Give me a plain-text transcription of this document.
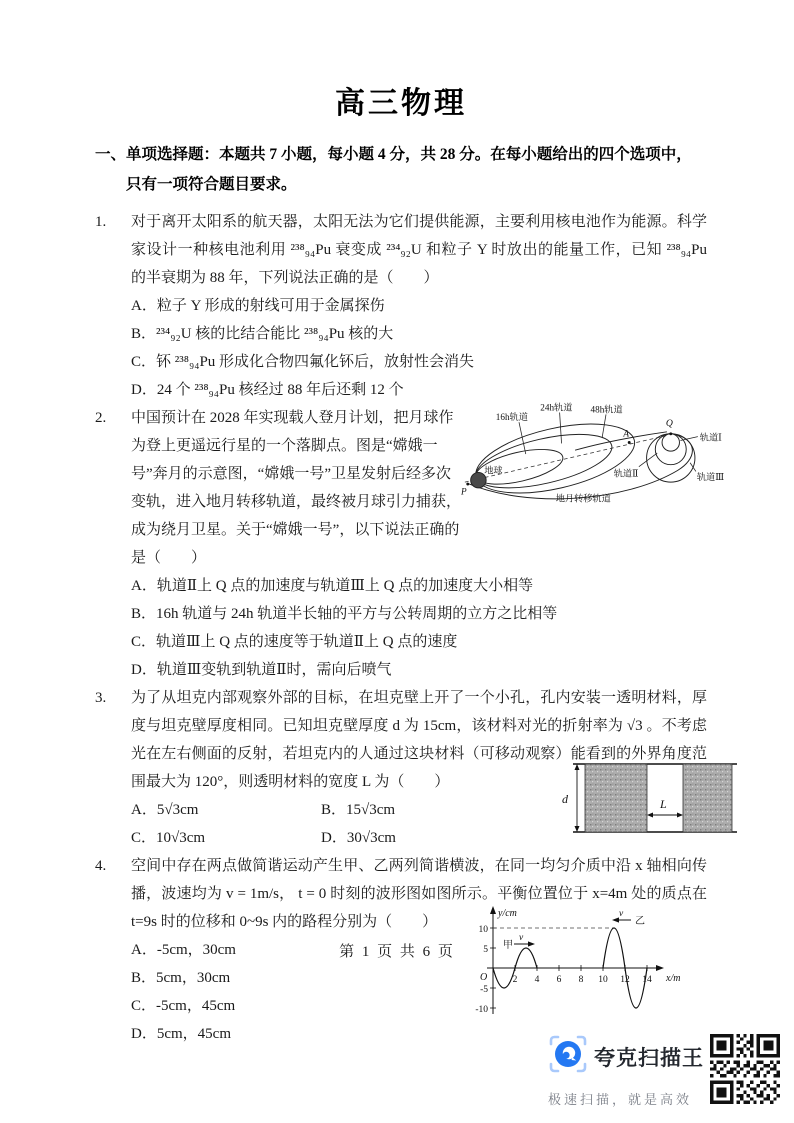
高三物理

一、单项选择题：本题共 7 小题，每小题 4 分，共 28 分。在每小题给出的四个选项中，只有一项符合题目要求。

1.	对于离开太阳系的航天器，太阳无法为它们提供能源，主要利用核电池作为能源。科学家设计一种核电池利用 ²³⁸₉₄Pu 衰变成 ²³⁴₉₂U 和粒子 Y 时放出的能量工作，已知 ²³⁸₉₄Pu 的半衰期为 88 年，下列说法正确的是（　　）

A．粒子 Y 形成的射线可用于金属探伤
B．²³⁴₉₂U 核的比结合能比 ²³⁸₉₄Pu 核的大
C．钚 ²³⁸₉₄Pu 形成化合物四氟化钚后，放射性会消失
D．24 个 ²³⁸₉₄Pu 核经过 88 年后还剩 12 个
2.	中国预计在 2028 年实现载人登月计划，把月球作为登上更遥远行星的一个落脚点。图是“嫦娥一号”奔月的示意图，“嫦娥一号”卫星发射后经多次变轨，进入地月转移轨道，最终被月球引力捕获，成为绕月卫星。关于“嫦娥一号”，以下说法正确的是（　　）

地球
P
16h轨道
24h轨道 48h轨道
A
Q
轨道Ⅰ
轨道Ⅱ	轨道Ⅲ
地月转移轨道
A．轨道Ⅱ上 Q 点的加速度与轨道Ⅲ上 Q 点的加速度大小相等
B．16h 轨道与 24h 轨道半长轴的平方与公转周期的立方之比相等
C．轨道Ⅲ上 Q 点的速度等于轨道Ⅱ上 Q 点的速度
D．轨道Ⅲ变轨到轨道Ⅱ时，需向后喷气
3.	为了从坦克内部观察外部的目标，在坦克壁上开了一个小孔，孔内安装一透明材料，厚度与坦克壁厚度相同。已知坦克壁厚度 d 为 15cm，该材料对光的折射率为 √3 。不考虑光在左右侧面的反射，若坦克内的人通过这块材料（可移动观察）能看到的外界角度范围最大为 120°，则透明材料的宽度 L 为（　　）

A．5√3cm	B．15√3cm
C．10√3cm	D．30√3cm
d	L
4.	空间中存在两点做简谐运动产生甲、乙两列简谐横波，在同一均匀介质中沿 x 轴相向传播，波速均为 v = 1m/s， t = 0 时刻的波形图如图所示。平衡位置位于 x=4m 处的质点在 t=9s 时的位移和 0~9s 内的路程分别为（　　）

A．-5cm，30cm
B．5cm，30cm
C．-5cm，45cm
D．5cm，45cm
y/cm
x/m
O
10
5
-5
-10
2 4 6 8 10 12 14
甲
v
v
乙
第 1 页 共 6 页
夸克扫描王
极速扫描，就是高效
